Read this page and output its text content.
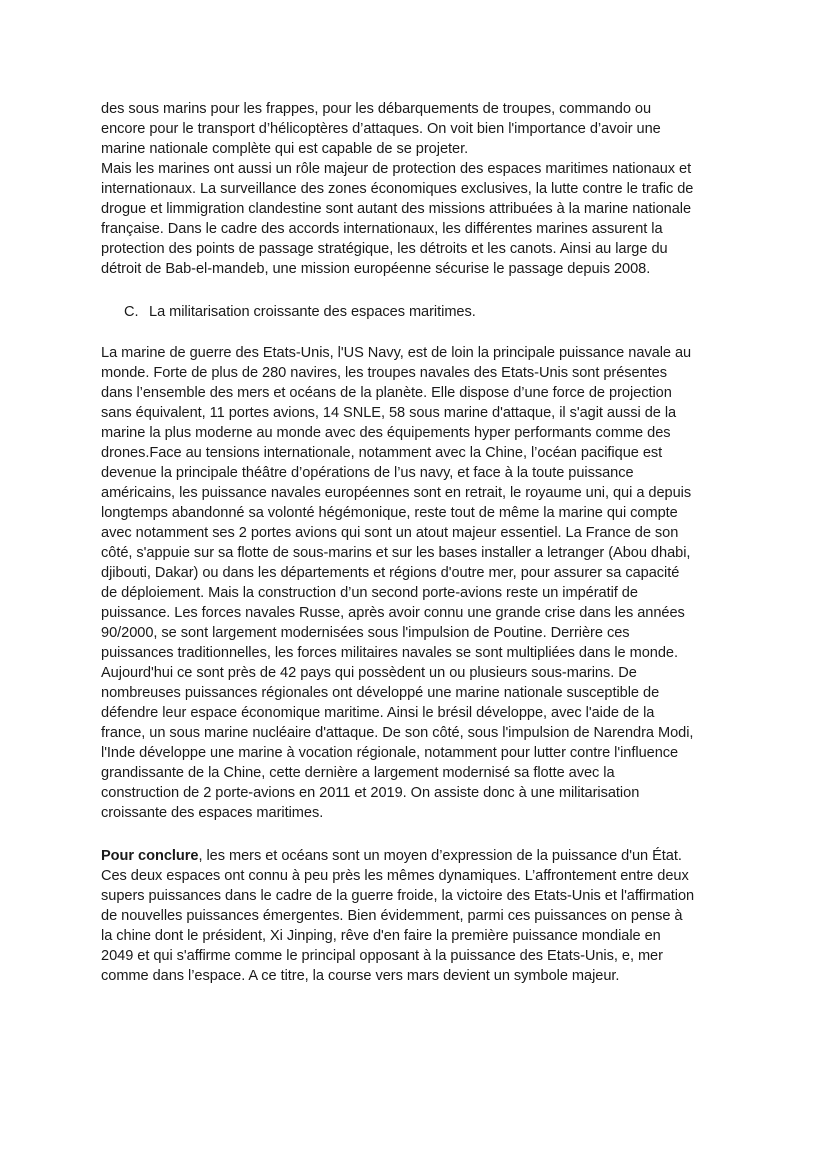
des sous marins pour les frappes, pour les débarquements de troupes, commando ou
encore pour le transport d’hélicoptères d’attaques. On voit bien l'importance d’avoir une
marine nationale complète qui est capable de se projeter.
Mais les marines ont aussi un rôle majeur de protection des espaces maritimes nationaux et
internationaux. La surveillance des zones économiques exclusives, la lutte contre le trafic de
drogue et limmigration clandestine sont autant des missions attribuées à la marine nationale
française. Dans le cadre des accords internationaux, les différentes marines assurent la
protection des points de passage stratégique, les détroits et les canots. Ainsi au large du
détroit de Bab-el-mandeb, une mission européenne sécurise le passage depuis 2008.
C. La militarisation croissante des espaces maritimes.
La marine de guerre des Etats-Unis, l'US Navy, est de loin la principale puissance navale au
monde. Forte de plus de 280 navires, les troupes navales des Etats-Unis sont présentes
dans l’ensemble des mers et océans de la planète. Elle dispose d’une force de projection
sans équivalent, 11 portes avions, 14 SNLE, 58 sous marine d'attaque, il s'agit aussi de la
marine la plus moderne au monde avec des équipements hyper performants comme des
drones.Face au tensions internationale, notamment avec la Chine, l’océan pacifique est
devenue la principale théâtre d’opérations de l’us navy, et face à la toute puissance
américains, les puissance navales européennes sont en retrait, le royaume uni, qui a depuis
longtemps abandonné sa volonté hégémonique, reste tout de même la marine qui compte
avec notamment ses 2 portes avions qui sont un atout majeur essentiel. La France de son
côté, s'appuie sur sa flotte de sous-marins et sur les bases installer a letranger (Abou dhabi,
djibouti, Dakar) ou dans les départements et régions d'outre mer, pour assurer sa capacité
de déploiement. Mais la construction d’un second porte-avions reste un impératif de
puissance. Les forces navales Russe, après avoir connu une grande crise dans les années
90/2000, se sont largement modernisées sous l'impulsion de Poutine. Derrière ces
puissances traditionnelles, les forces militaires navales se sont multipliées dans le monde.
Aujourd'hui ce sont près de 42 pays qui possèdent un ou plusieurs sous-marins. De
nombreuses puissances régionales ont développé une marine nationale susceptible de
défendre leur espace économique maritime. Ainsi le brésil développe, avec l'aide de la
france, un sous marine nucléaire d'attaque. De son côté, sous l'impulsion de Narendra Modi,
l'Inde développe une marine à vocation régionale, notamment pour lutter contre l'influence
grandissante de la Chine, cette dernière a largement modernisé sa flotte avec la
construction de 2 porte-avions en 2011 et 2019. On assiste donc à une militarisation
croissante des espaces maritimes.
Pour conclure, les mers et océans sont un moyen d’expression de la puissance d'un État.
Ces deux espaces ont connu à peu près les mêmes dynamiques. L’affrontement entre deux
supers puissances dans le cadre de la guerre froide, la victoire des Etats-Unis et l'affirmation
de nouvelles puissances émergentes. Bien évidemment, parmi ces puissances on pense à
la chine dont le président, Xi Jinping, rêve d'en faire la première puissance mondiale en
2049 et qui s'affirme comme le principal opposant à la puissance des Etats-Unis, e, mer
comme dans l’espace. A ce titre, la course vers mars devient un symbole majeur.
